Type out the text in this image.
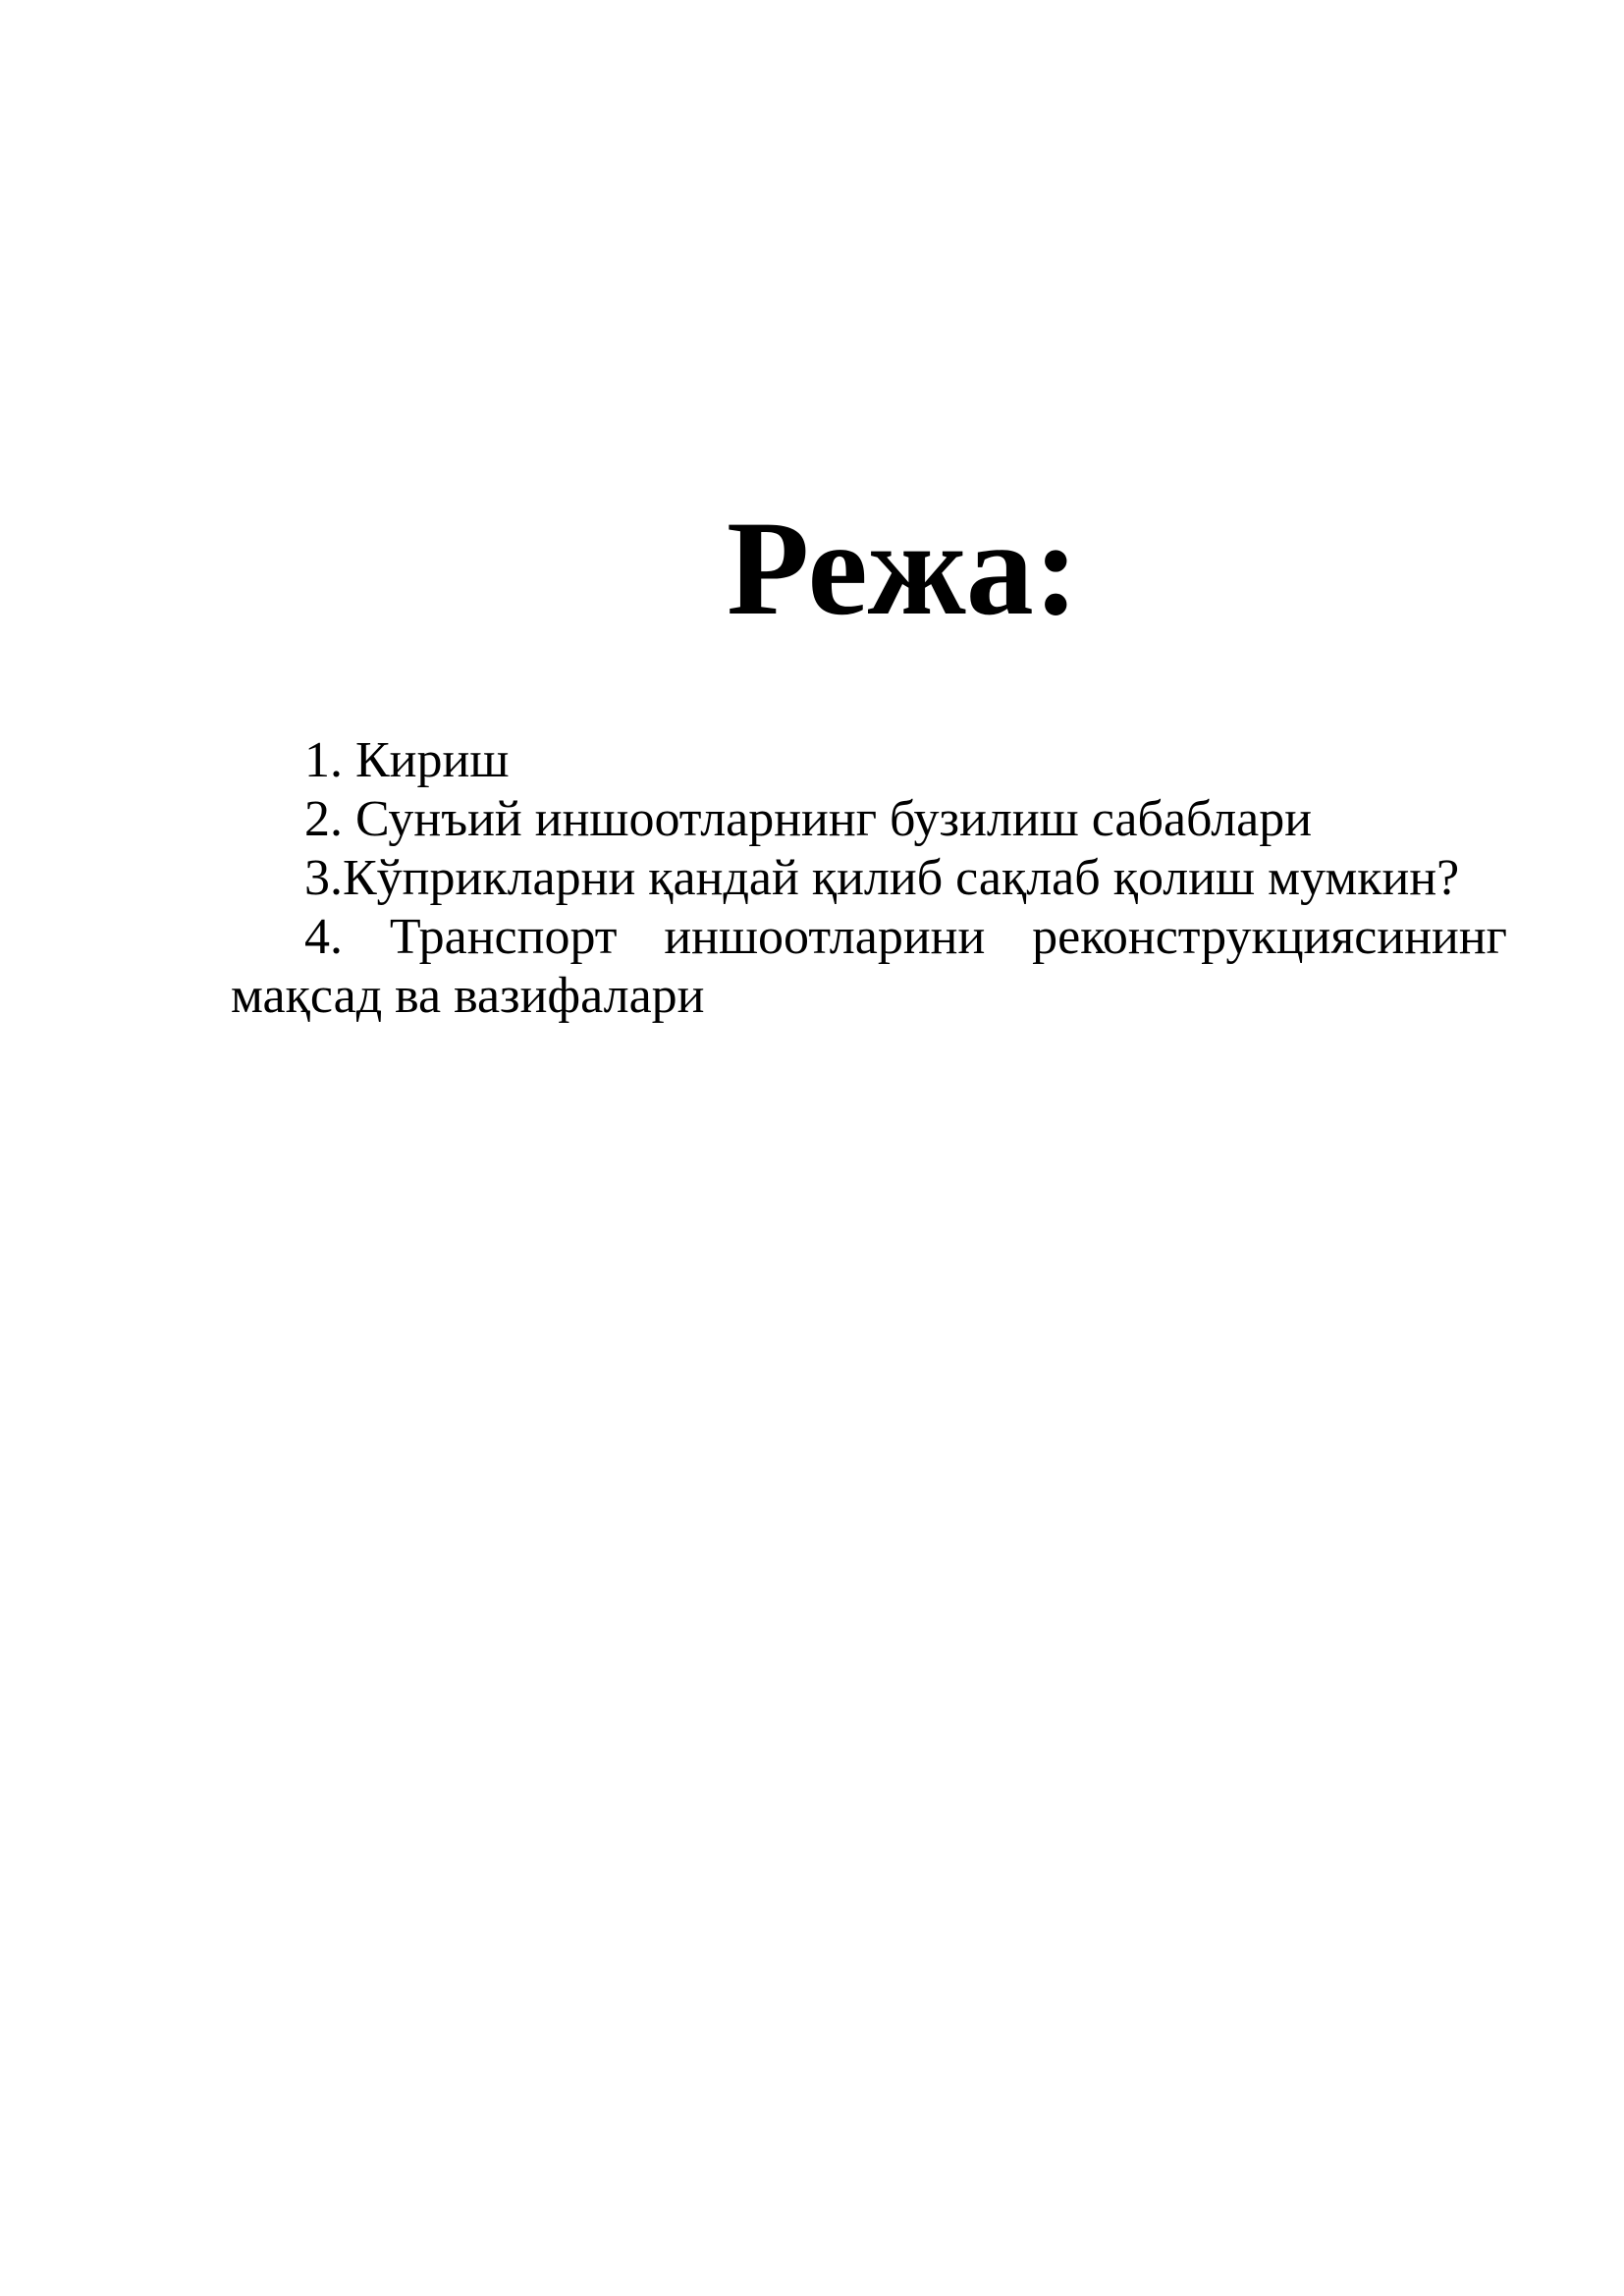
Режа:
1. Кириш
2. Сунъий иншоотларнинг бузилиш сабаблари
3.Кўприкларни қандай қилиб сақлаб қолиш мумкин?
4. Транспорт иншоотларини реконструкциясининг мақсад ва вазифалари
